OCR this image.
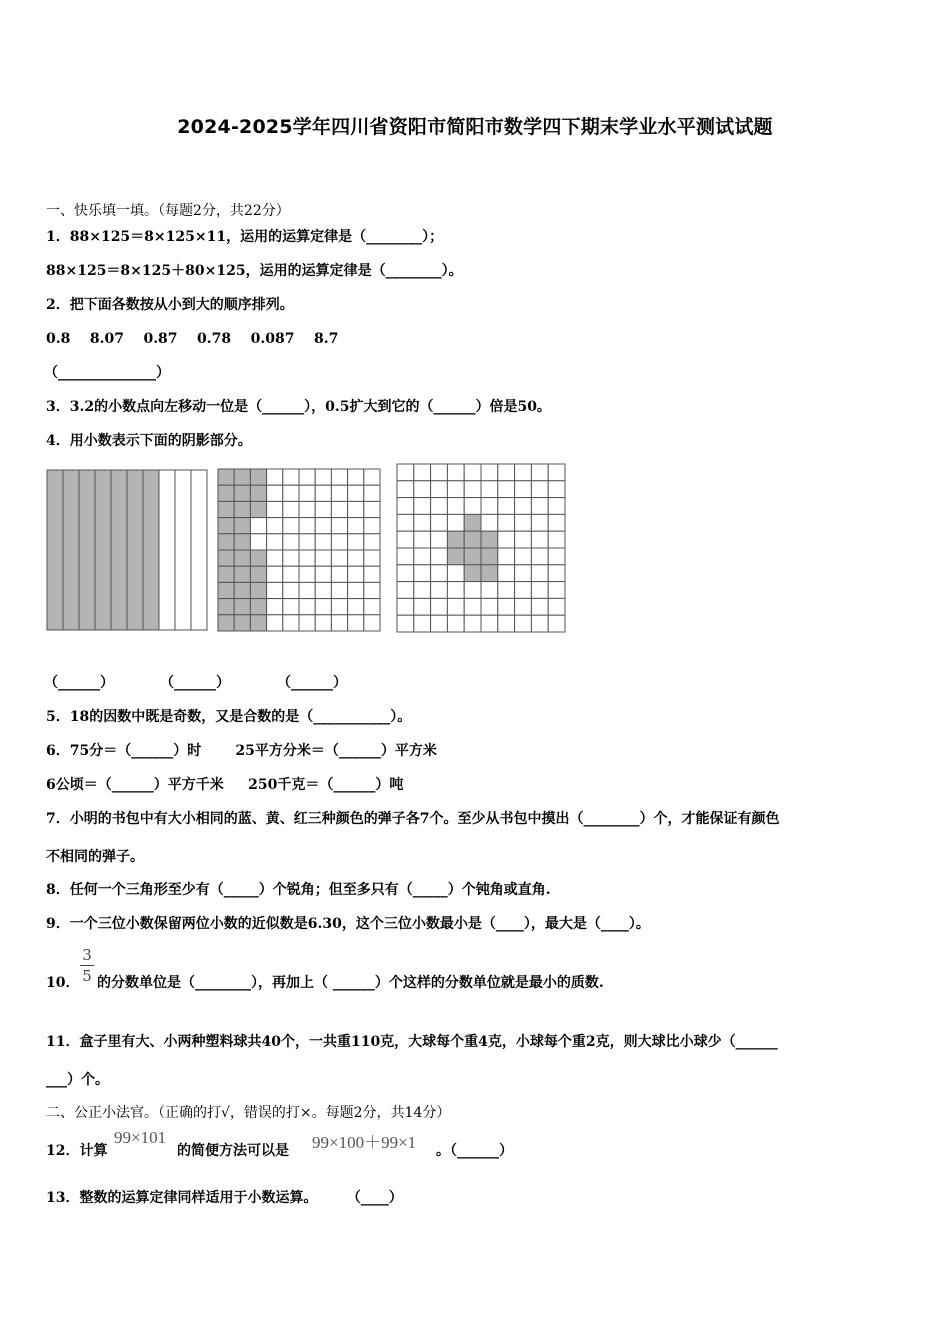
2024-2025学年四川省资阳市简阳市数学四下期末学业水平测试试题
一、快乐填一填。（每题2分，共22分）
1．88×125＝8×125×11，运用的运算定律是（________）；
88×125＝8×125＋80×125，运用的运算定律是（________）。
2．把下面各数按从小到大的顺序排列。
0.8    8.07    0.87    0.78    0.087    8.7
（______________）
3．3.2的小数点向左移动一位是（______），0.5扩大到它的（______）倍是50。
4．用小数表示下面的阴影部分。
（______）	（______）	（______）
5．18的因数中既是奇数，又是合数的是（___________）。
6．75分＝（______）时       25平方分米＝（______）平方米
6公顷＝（______）平方千米     250千克＝（______）吨
7．小明的书包中有大小相同的蓝、黄、红三种颜色的弹子各7个。至少从书包中摸出（________）个，才能保证有颜色
不相同的弹子。
8．任何一个三角形至少有（_____）个锐角；但至多只有（_____）个钝角或直角.
9．一个三位小数保留两位小数的近似数是6.30，这个三位小数最小是（____），最大是（____）。
10．
3
5 的分数单位是（________），再加上（ ______）个这样的分数单位就是最小的质数.
11．盒子里有大、小两种塑料球共40个，一共重110克，大球每个重4克，小球每个重2克，则大球比小球少（______
___）个。
二、公正小法官。（正确的打√，错误的打×。每题2分，共14分）
12．计算
99×101
的简便方法可以是 99×100＋99×1 。（______）
13．整数的运算定律同样适用于小数运算。      （____）
